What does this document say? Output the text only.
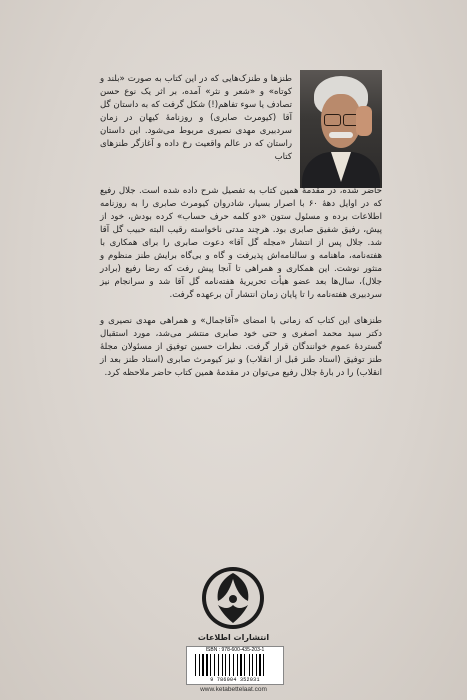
طنزها و طنزک‌هایی که در این کتاب به صورت «بلند و کوتاه» و «شعر و نثر» آمده، بر اثر یک نوع حسن تصادف یا سوء تفاهم(!) شکل گرفت که به داستان گل آقا (کیومرث صابری) و روزنامهٔ کیهان در زمان سردبیری مهدی نصیری مربوط می‌شود. این داستان راستان که در عالم واقعیت رخ داده و آغازگر طنزهای کتاب

حاضر شده، در مقدمهٔ همین کتاب به تفصیل شرح داده شده است. جلال رفیع که در اوایل دههٔ ۶۰ با اصرار بسیار، شادروان کیومرث صابری را به روزنامه اطلاعات برده و مسئول ستون «دو کلمه حرف حساب» کرده بودش، خود از پیش، رفیق شفیق صابری بود. هرچند مدتی ناخواسته رقیب البته حبیب گل آقا شد. جلال پس از انتشار «مجله گل آقا» دعوت صابری را برای همکاری با هفته‌نامه، ماهنامه و سالنامه‌اش پذیرفت و گاه و بی‌گاه برایش طنز منظوم و منثور نوشت. این همکاری و همراهی تا آنجا پیش رفت که رضا رفیع (برادر جلال)، سال‌ها بعد عضو هیأت تحریریهٔ هفته‌نامه گل آقا شد و سرانجام نیز سردبیری هفته‌نامه را تا پایان زمان انتشار آن برعهده گرفت.

طنزهای این کتاب که زمانی با امضای «آقاجمال» و همراهی مهدی نصیری و دکتر سید محمد اصغری و حتی خود صابری منتشر می‌شد، مورد استقبال گستردهٔ عموم خوانندگان قرار گرفت. نظرات حسین توفیق از مسئولان مجلهٔ طنز توفیق (استاد طنز قبل از انقلاب) و نیز کیومرث صابری (استاد طنز بعد از انقلاب) را در بارهٔ جلال رفیع می‌توان در مقدمهٔ همین کتاب حاضر ملاحظه کرد.

انتشارات اطلاعات
ISBN : 978-600-435-203-1
9 786004 352031
www.ketabettelaat.com
